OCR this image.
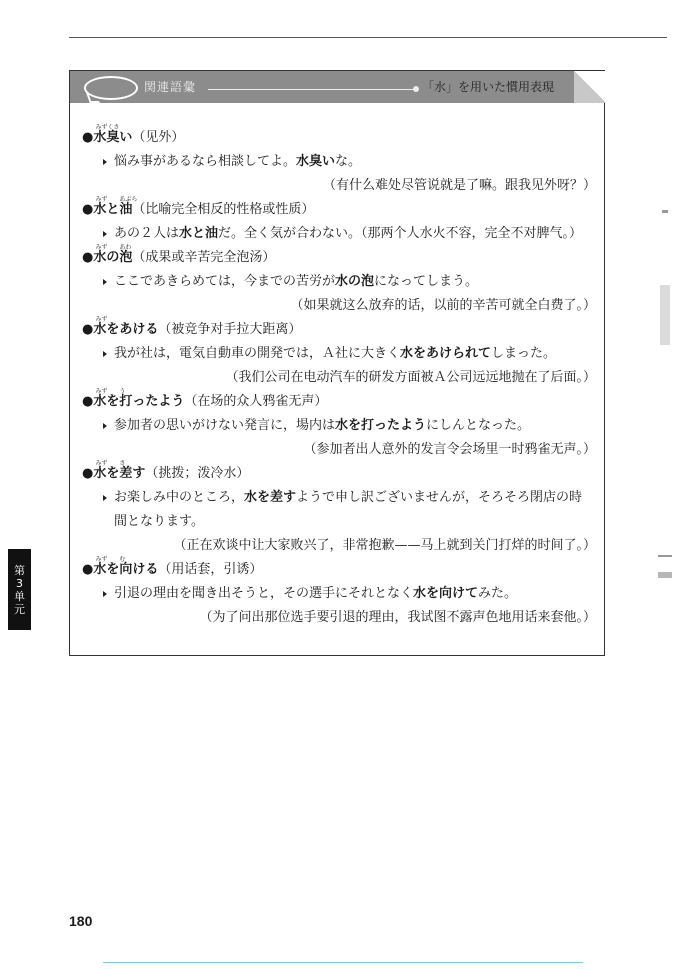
関連語彙	「水」を用いた慣用表現
●
みずくさ
水臭い（见外）
悩み事があるなら相談してよ。水臭いな。
（有什么难处尽管说就是了嘛。跟我见外呀？）
●
みず　　あぶら
水と油（比喻完全相反的性格或性质）
あの２人は水と油だ。全く気が合わない。（那两个人水火不容，完全不对脾气。）
●
みず　　あわ
水の泡（成果或辛苦完全泡汤）
ここであきらめては，今までの苦労が水の泡になってしまう。
（如果就这么放弃的话，以前的辛苦可就全白费了。）
●
みず
水をあける（被竞争对手拉大距离）
我が社は，電気自動車の開発では，Ａ社に大きく水をあけられてしまった。
（我们公司在电动汽车的研发方面被Ａ公司远远地抛在了后面。）
●
みず　　う
水を打ったよう（在场的众人鸦雀无声）
参加者の思いがけない発言に，場内は水を打ったようにしんとなった。
（参加者出人意外的发言令会场里一时鸦雀无声。）
●
みず　　さ
水を差す（挑拨；泼冷水）
お楽しみ中のところ，水を差すようで申し訳ございませんが，そろそろ閉店の時
間となります。
（正在欢谈中让大家败兴了，非常抱歉——马上就到关门打烊的时间了。）
●
みず　　む
水を向ける（用话套，引诱）
引退の理由を聞き出そうと，その選手にそれとなく水を向けてみた。
（为了问出那位选手要引退的理由，我试图不露声色地用话来套他。）
第
3
单
元
180
